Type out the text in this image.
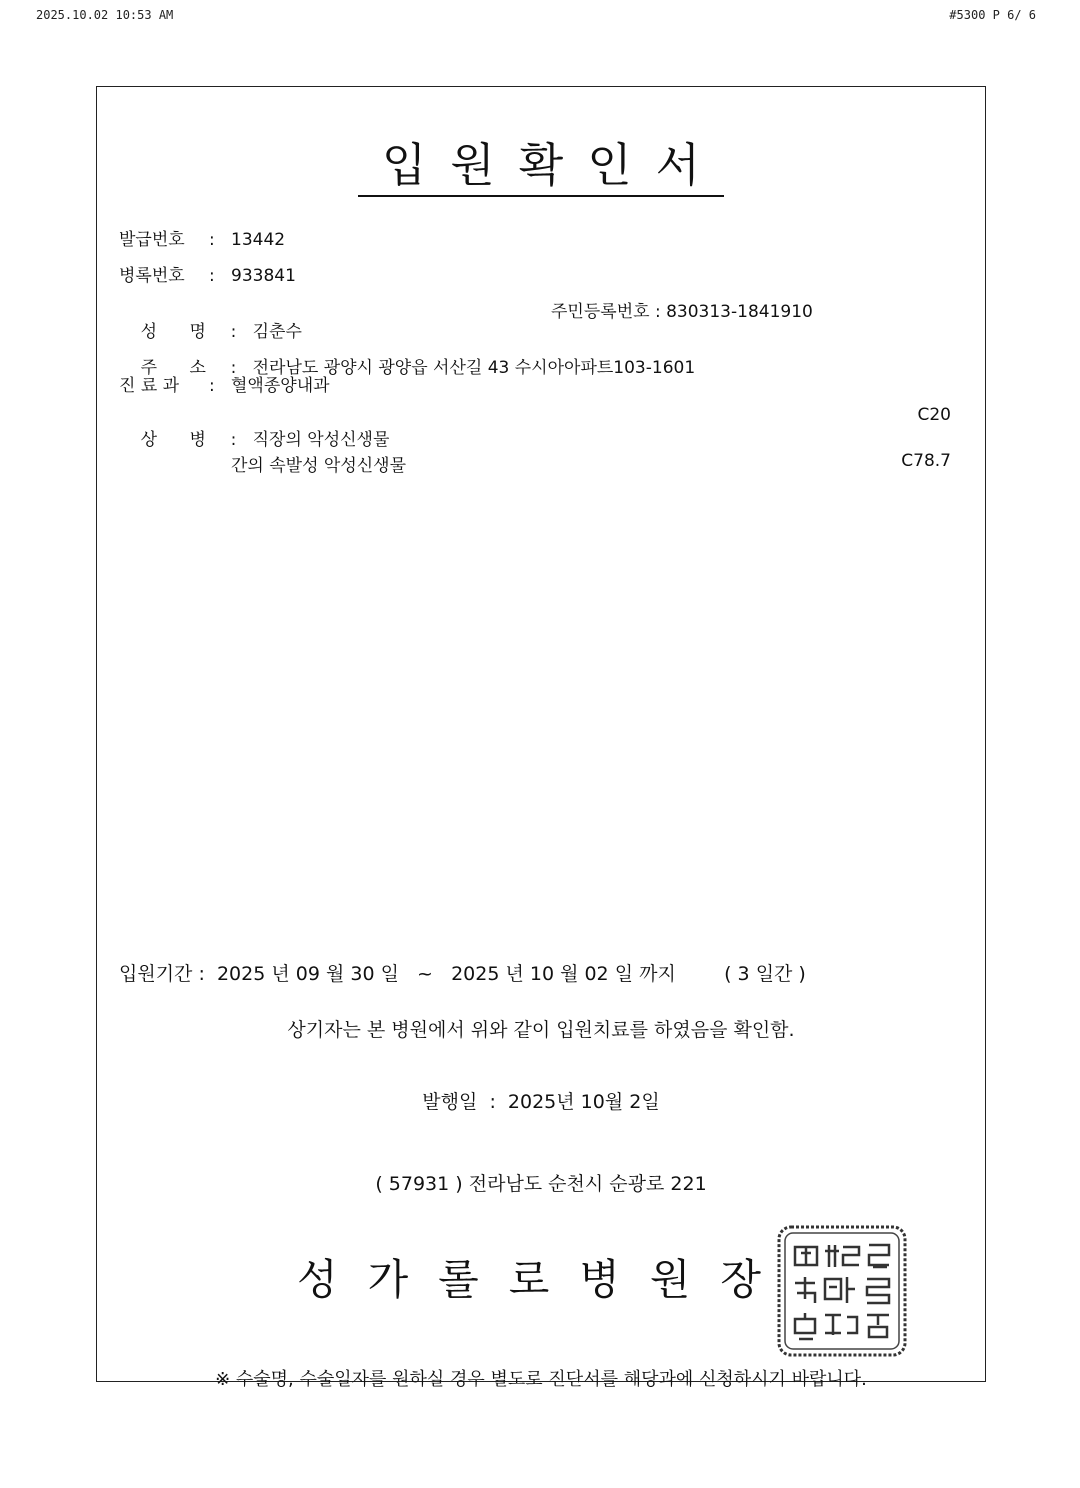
2025.10.02 10:53 AM	#5300 P 6/ 6
입원확인서
발급번호 : 13442
병록번호 : 933841

성      명 : 김춘수

주민등록번호 : 830313-1841910

주      소 : 전라남도 광양시 광양읍 서산길 43 수시아아파트103-1601

진 료 과 : 혈액종양내과

상      병 : 직장의 악성신생물

C20
간의 속발성 악성신생물	C78.7
입원기간 :  2025 년 09 월 30 일   ~   2025 년 10 월 02 일 까지        ( 3 일간 )
상기자는 본 병원에서 위와 같이 입원치료를 하였음을 확인함.
발행일  :  2025년 10월 2일
( 57931 ) 전라남도 순천시 순광로 221
성가롤로병원장
※ 수술명, 수술일자를 원하실 경우 별도로 진단서를 해당과에 신청하시기 바랍니다.
